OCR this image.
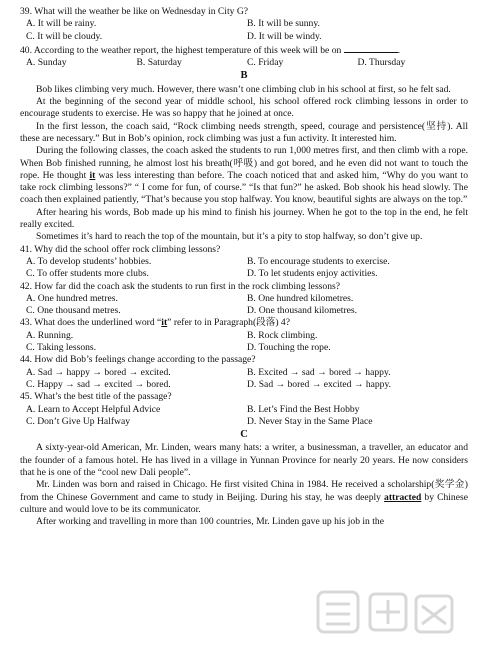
39. What will the weather be like on Wednesday in City G?
A. It will be rainy.	B. It will be sunny.
C. It will be cloudy.	D. It will be windy.
40. According to the weather report, the highest temperature of this week will be on	.
A. Sunday	B. Saturday	C. Friday	D. Thursday
B

Bob likes climbing very much. However, there wasn’t one climbing club in his school at first, so he felt sad.

At the beginning of the second year of middle school, his school offered rock climbing lessons in order to encourage students to exercise. He was so happy that he joined at once.

In the first lesson, the coach said, “Rock climbing needs strength, speed, courage and persistence(坚持). All these are necessary.” But in Bob’s opinion, rock climbing was just a fun activity. It interested him.

During the following classes, the coach asked the students to run 1,000 metres first, and then climb with a rope. When Bob finished running, he almost lost his breath(呼吸) and got bored, and he even did not want to touch the rope. He thought it was less interesting than before. The coach noticed that and asked him, “Why do you want to take rock climbing lessons?” “ I come for fun, of course.” “Is that fun?” he asked. Bob shook his head slowly. The coach then explained patiently, “That’s because you stop halfway. You know, beautiful sights are always on the top.”

After hearing his words, Bob made up his mind to finish his journey. When he got to the top in the end, he felt really excited.

Sometimes it’s hard to reach the top of the mountain, but it’s a pity to stop halfway, so don’t give up.

41. Why did the school offer rock climbing lessons?
A. To develop students’ hobbies.	B. To encourage students to exercise.
C. To offer students more clubs.	D. To let students enjoy activities.
42. How far did the coach ask the students to run first in the rock climbing lessons?
A. One hundred metres.	B. One hundred kilometres.
C. One thousand metres.	D. One thousand kilometres.
43. What does the underlined word “it” refer to in Paragraph(段落) 4?
A. Running.	B. Rock climbing.
C. Taking lessons.	D. Touching the rope.
44. How did Bob’s feelings change according to the passage?
A. Sad → happy → bored → excited.	B. Excited → sad → bored → happy.
C. Happy → sad → excited → bored.	D. Sad → bored → excited → happy.
45. What’s the best title of the passage?
A. Learn to Accept Helpful Advice	B. Let’s Find the Best Hobby
C. Don’t Give Up Halfway	D. Never Stay in the Same Place
C

A sixty-year-old American, Mr. Linden, wears many hats: a writer, a businessman, a traveller, an educator and the founder of a famous hotel. He has lived in a village in Yunnan Province for nearly 20 years. He now considers that he is one of the “cool new Dali people”.

Mr. Linden was born and raised in Chicago. He first visited China in 1984. He received a scholarship(奖学金) from the Chinese Government and came to study in Beijing. During his stay, he was deeply attracted by Chinese culture and would love to be its communicator.

After working and travelling in more than 100 countries, Mr. Linden gave up his job in the
